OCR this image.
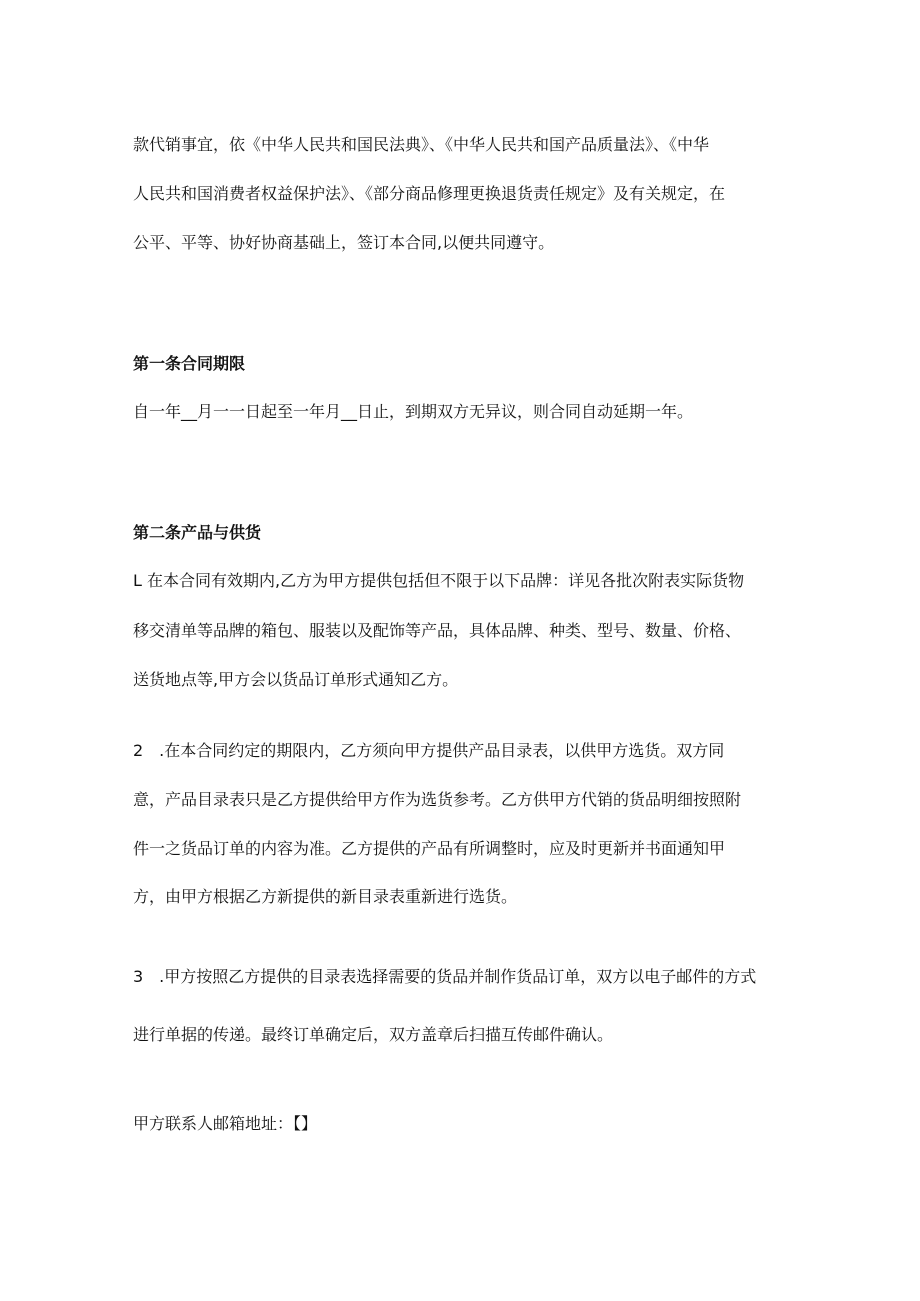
款代销事宜，依《中华人民共和国民法典》、《中华人民共和国产品质量法》、《中华
人民共和国消费者权益保护法》、《部分商品修理更换退货责任规定》及有关规定，在
公平、平等、协好协商基础上，签订本合同,以便共同遵守。
第一条合同期限
自一年__月一一日起至一年月__日止，到期双方无异议，则合同自动延期一年。
第二条产品与供货
L 在本合同有效期内,乙方为甲方提供包括但不限于以下品牌：详见各批次附表实际货物
移交清单等品牌的箱包、服装以及配饰等产品，具体品牌、种类、型号、数量、价格、
送货地点等,甲方会以货品订单形式通知乙方。
2　.在本合同约定的期限内，乙方须向甲方提供产品目录表，以供甲方选货。双方同
意，产品目录表只是乙方提供给甲方作为选货参考。乙方供甲方代销的货品明细按照附
件一之货品订单的内容为准。乙方提供的产品有所调整时，应及时更新并书面通知甲
方，由甲方根据乙方新提供的新目录表重新进行选货。
3　.甲方按照乙方提供的目录表选择需要的货品并制作货品订单，双方以电子邮件的方式
进行单据的传递。最终订单确定后，双方盖章后扫描互传邮件确认。
甲方联系人邮箱地址：【】
